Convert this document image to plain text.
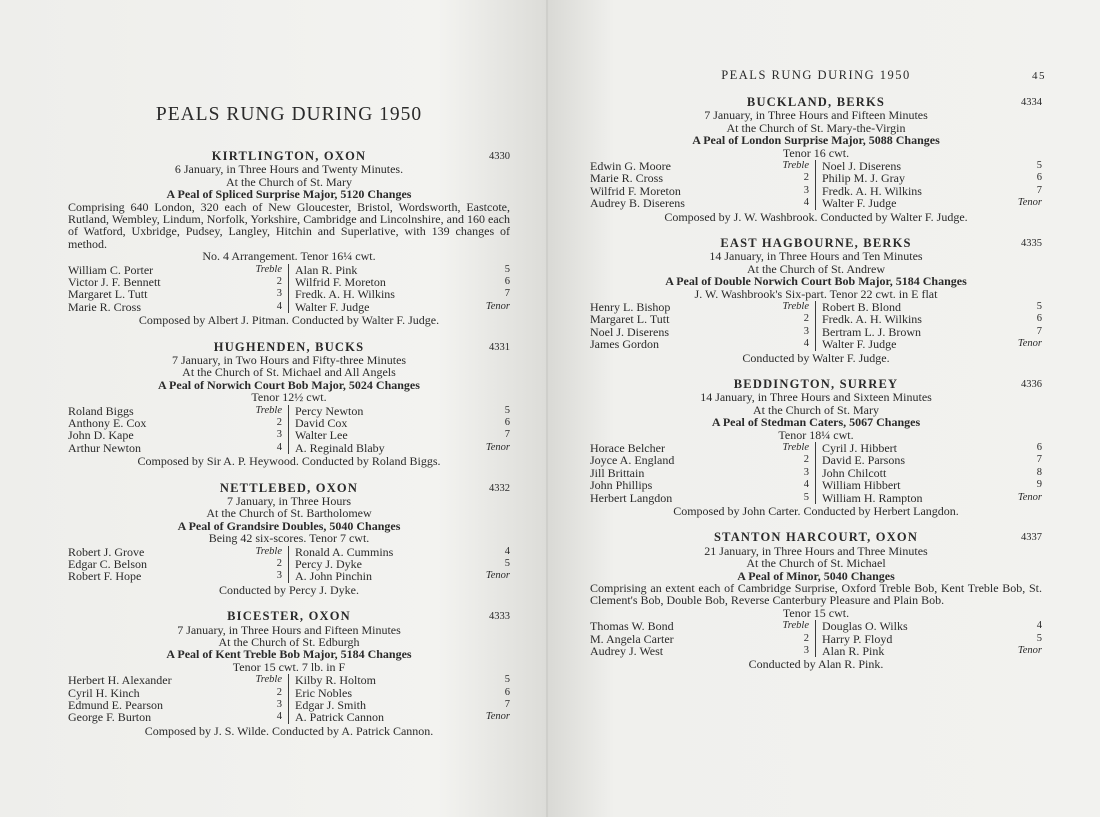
PEALS RUNG DURING 1950
KIRTLINGTON, OXON	4330
6 January, in Three Hours and Twenty Minutes.
At the Church of St. Mary
A Peal of Spliced Surprise Major, 5120 Changes
Comprising 640 London, 320 each of New Gloucester, Bristol, Wordsworth, Eastcote, Rutland, Wembley, Lindum, Norfolk, Yorkshire, Cambridge and Lincolnshire, and 160 each of Watford, Uxbridge, Pudsey, Langley, Hitchin and Superlative, with 139 changes of method.
No. 4 Arrangement. Tenor 16¼ cwt.
William C. Porter	Treble
Victor J. F. Bennett	2
Margaret L. Tutt	3
Marie R. Cross	4
Alan R. Pink	5
Wilfrid F. Moreton	6
Fredk. A. H. Wilkins	7
Walter F. Judge	Tenor
Composed by Albert J. Pitman. Conducted by Walter F. Judge.
HUGHENDEN, BUCKS	4331
7 January, in Two Hours and Fifty-three Minutes
At the Church of St. Michael and All Angels
A Peal of Norwich Court Bob Major, 5024 Changes
Tenor 12½ cwt.
Roland Biggs	Treble
Anthony E. Cox	2
John D. Kape	3
Arthur Newton	4
Percy Newton	5
David Cox	6
Walter Lee	7
A. Reginald Blaby	Tenor
Composed by Sir A. P. Heywood. Conducted by Roland Biggs.
NETTLEBED, OXON	4332
7 January, in Three Hours
At the Church of St. Bartholomew
A Peal of Grandsire Doubles, 5040 Changes
Being 42 six-scores. Tenor 7 cwt.
Robert J. Grove	Treble
Edgar C. Belson	2
Robert F. Hope	3
Ronald A. Cummins	4
Percy J. Dyke	5
A. John Pinchin	Tenor
Conducted by Percy J. Dyke.
BICESTER, OXON	4333
7 January, in Three Hours and Fifteen Minutes
At the Church of St. Edburgh
A Peal of Kent Treble Bob Major, 5184 Changes
Tenor 15 cwt. 7 lb. in F
Herbert H. Alexander	Treble
Cyril H. Kinch	2
Edmund E. Pearson	3
George F. Burton	4
Kilby R. Holtom	5
Eric Nobles	6
Edgar J. Smith	7
A. Patrick Cannon	Tenor
Composed by J. S. Wilde. Conducted by A. Patrick Cannon.
PEALS RUNG DURING 1950	45
BUCKLAND, BERKS	4334
7 January, in Three Hours and Fifteen Minutes
At the Church of St. Mary-the-Virgin
A Peal of London Surprise Major, 5088 Changes
Tenor 16 cwt.
Edwin G. Moore	Treble
Marie R. Cross	2
Wilfrid F. Moreton	3
Audrey B. Diserens	4
Noel J. Diserens	5
Philip M. J. Gray	6
Fredk. A. H. Wilkins	7
Walter F. Judge	Tenor
Composed by J. W. Washbrook. Conducted by Walter F. Judge.
EAST HAGBOURNE, BERKS	4335
14 January, in Three Hours and Ten Minutes
At the Church of St. Andrew
A Peal of Double Norwich Court Bob Major, 5184 Changes
J. W. Washbrook's Six-part. Tenor 22 cwt. in E flat
Henry L. Bishop	Treble
Margaret L. Tutt	2
Noel J. Diserens	3
James Gordon	4
Robert B. Blond	5
Fredk. A. H. Wilkins	6
Bertram L. J. Brown	7
Walter F. Judge	Tenor
Conducted by Walter F. Judge.
BEDDINGTON, SURREY	4336
14 January, in Three Hours and Sixteen Minutes
At the Church of St. Mary
A Peal of Stedman Caters, 5067 Changes
Tenor 18¼ cwt.
Horace Belcher	Treble
Joyce A. England	2
Jill Brittain	3
John Phillips	4
Herbert Langdon	5
Cyril J. Hibbert	6
David E. Parsons	7
John Chilcott	8
William Hibbert	9
William H. Rampton	Tenor
Composed by John Carter. Conducted by Herbert Langdon.
STANTON HARCOURT, OXON	4337
21 January, in Three Hours and Three Minutes
At the Church of St. Michael
A Peal of Minor, 5040 Changes
Comprising an extent each of Cambridge Surprise, Oxford Treble Bob, Kent Treble Bob, St. Clement's Bob, Double Bob, Reverse Canterbury Pleasure and Plain Bob.
Tenor 15 cwt.
Thomas W. Bond	Treble
M. Angela Carter	2
Audrey J. West	3
Douglas O. Wilks	4
Harry P. Floyd	5
Alan R. Pink	Tenor
Conducted by Alan R. Pink.
